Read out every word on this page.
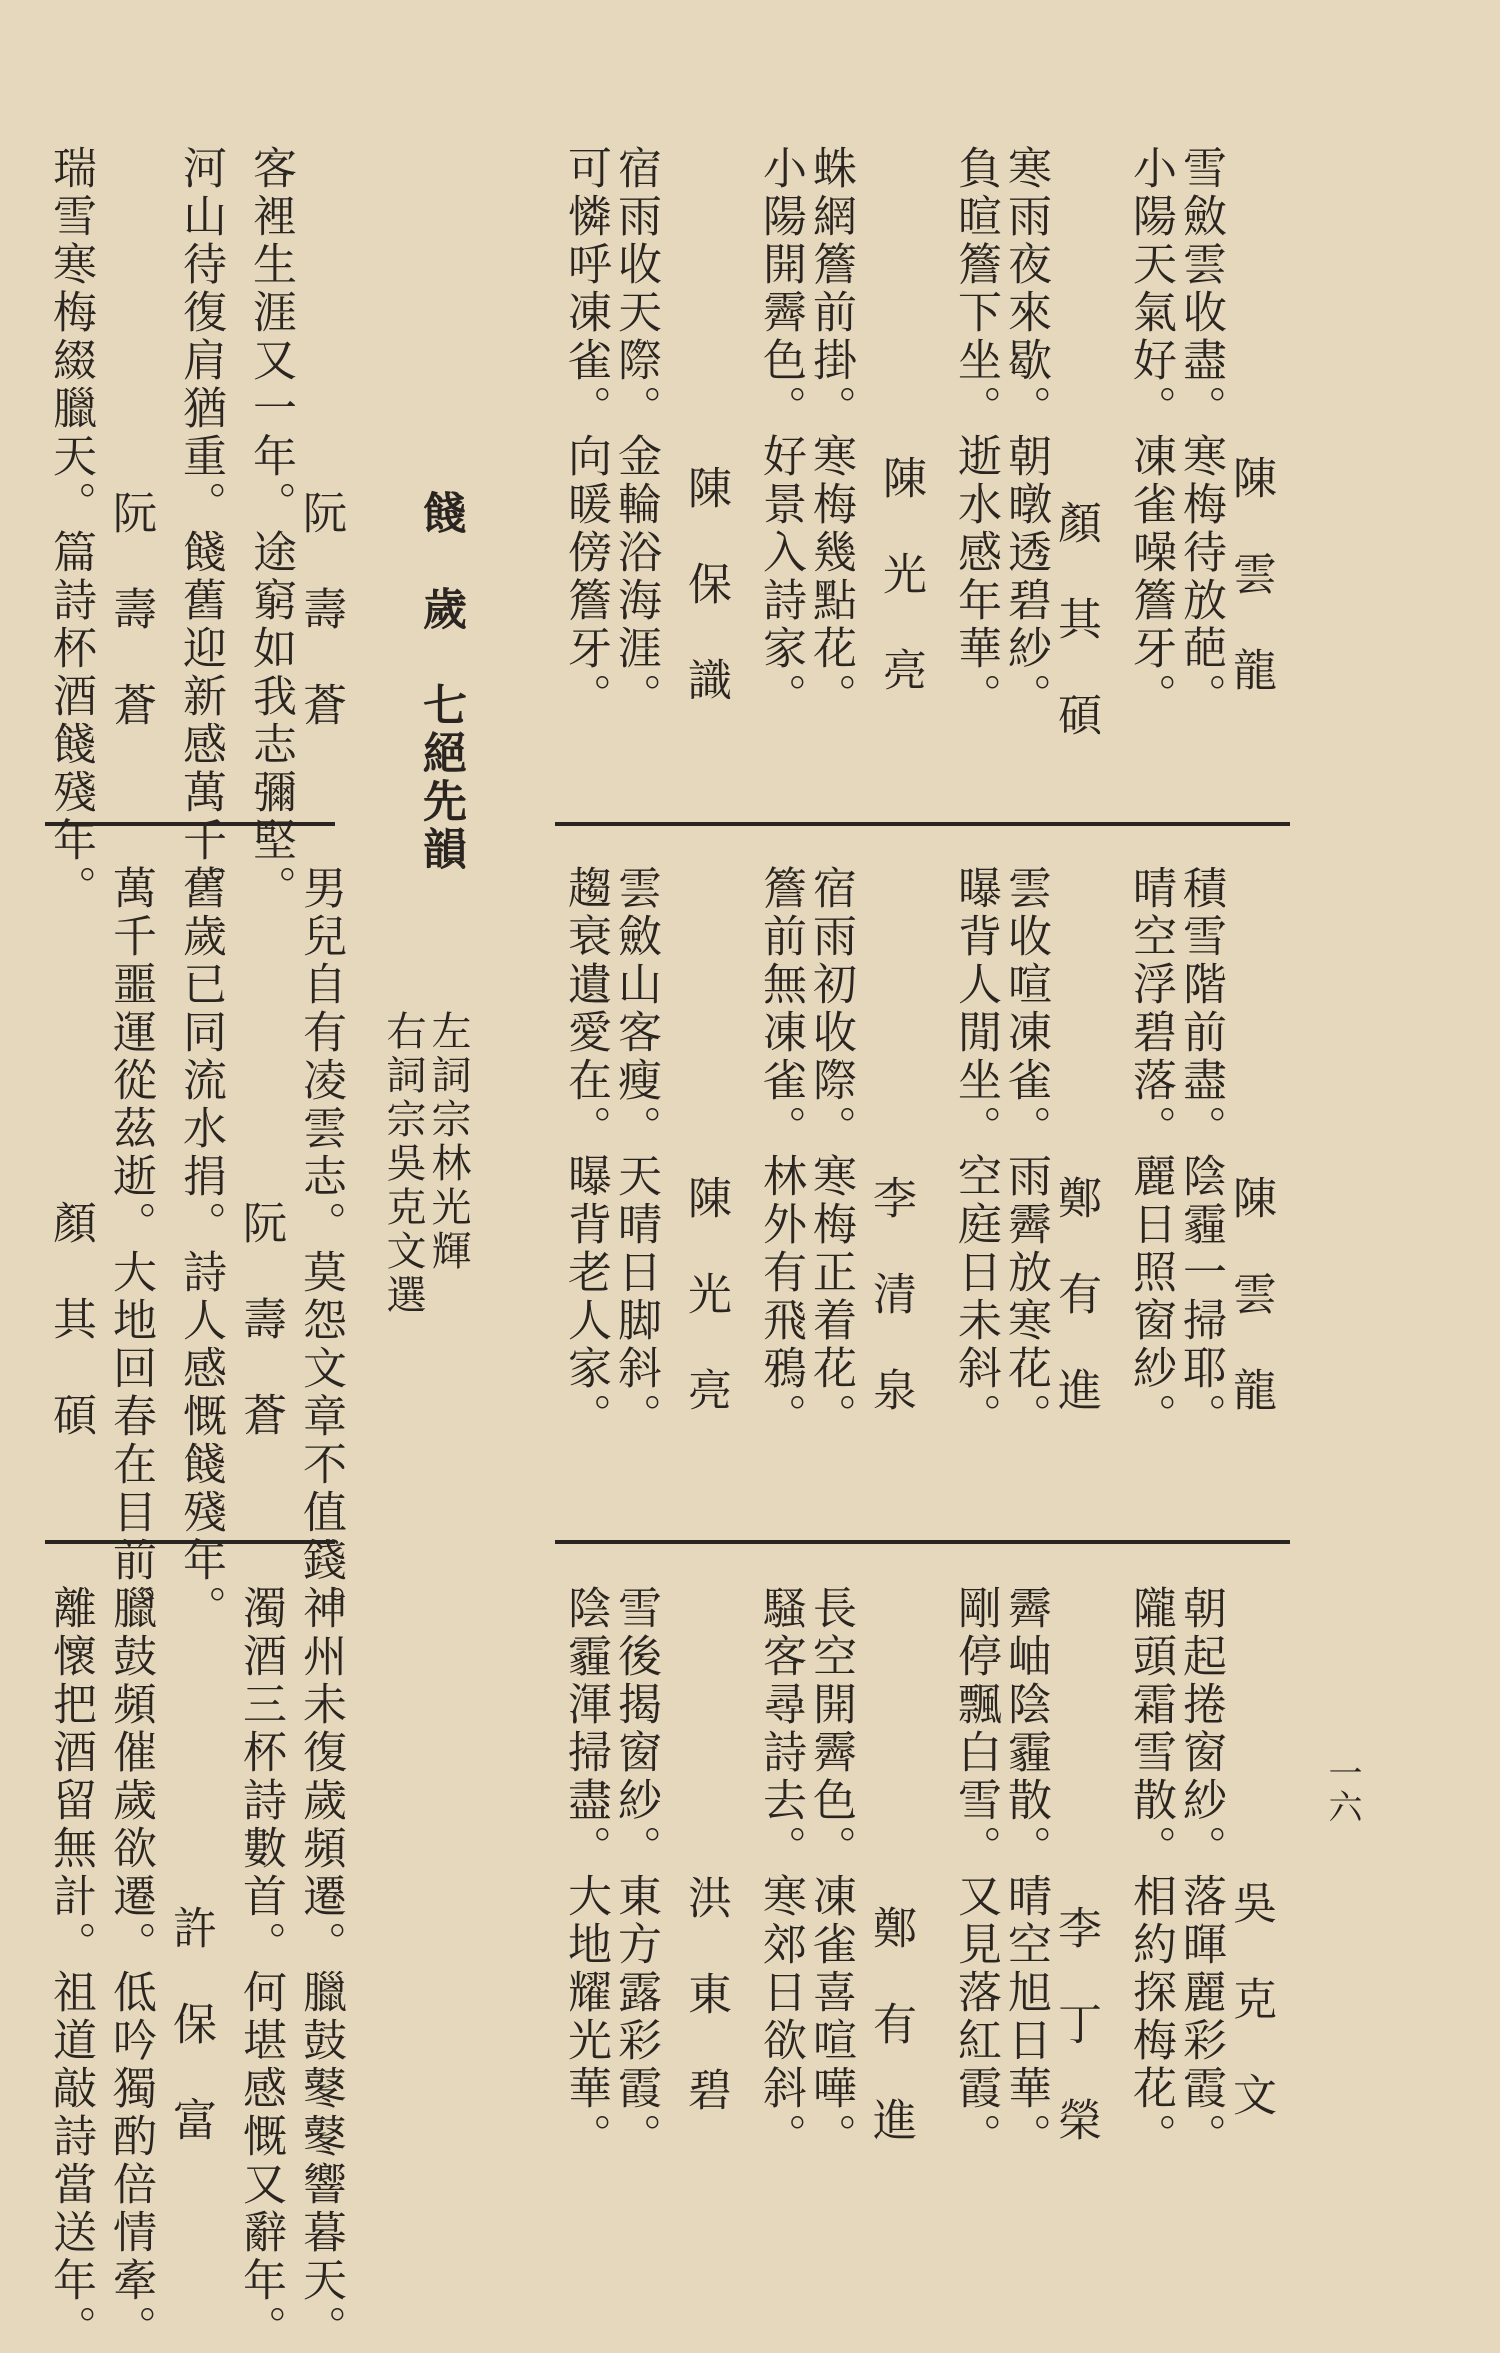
一六
陳　雲　龍
雪斂雲收盡。寒梅待放葩。
小陽天氣好。凍雀噪簷牙。
顏　其　碩
寒雨夜來歇。朝暾透碧紗。
負暄簷下坐。逝水感年華。
陳　光　亮
蛛網簷前掛。寒梅幾點花。
小陽開霽色。好景入詩家。
陳　保　識
宿雨收天際。金輪浴海涯。
可憐呼凍雀。向暖傍簷牙。
餞　歲　七絕先韻
阮　壽　蒼
客裡生涯又一年。途窮如我志彌堅。
河山待復肩猶重。餞舊迎新感萬千。
阮　壽　蒼
瑞雪寒梅綴臘天。篇詩杯酒餞殘年。
陳　雲　龍
積雪階前盡。陰霾一掃耶。
晴空浮碧落。麗日照窗紗。
鄭　有　進
雲收喧凍雀。雨霽放寒花。
曝背人閒坐。空庭日未斜。
李　清　泉
宿雨初收際。寒梅正着花。
簷前無凍雀。林外有飛鴉。
陳　光　亮
雲斂山客瘦。天晴日脚斜。
趨衰遺愛在。曝背老人家。
左詞宗林光輝
右詞宗吳克文選
男兒自有凌雲志。莫怨文章不值錢。
阮　壽　蒼
舊歲已同流水捐。詩人感慨餞殘年。
萬千噩運從茲逝。大地回春在目前。
顏　其　碩
吳　克　文
朝起捲窗紗。落暉麗彩霞。
隴頭霜雪散。相約探梅花。
李　丁　榮
霽岫陰霾散。晴空旭日華。
剛停飄白雪。又見落紅霞。
鄭　有　進
長空開霽色。凍雀喜喧嘩。
騷客尋詩去。寒郊日欲斜。
洪　東　碧
雪後揭窗紗。東方露彩霞。
陰霾渾掃盡。大地耀光華。
神州未復歲頻遷。臘鼓鼕鼕響暮天。
濁酒三杯詩數首。何堪感慨又辭年。
許　保　富
臘鼓頻催歲欲遷。低吟獨酌倍情牽。
離懷把酒留無計。祖道敲詩當送年。
